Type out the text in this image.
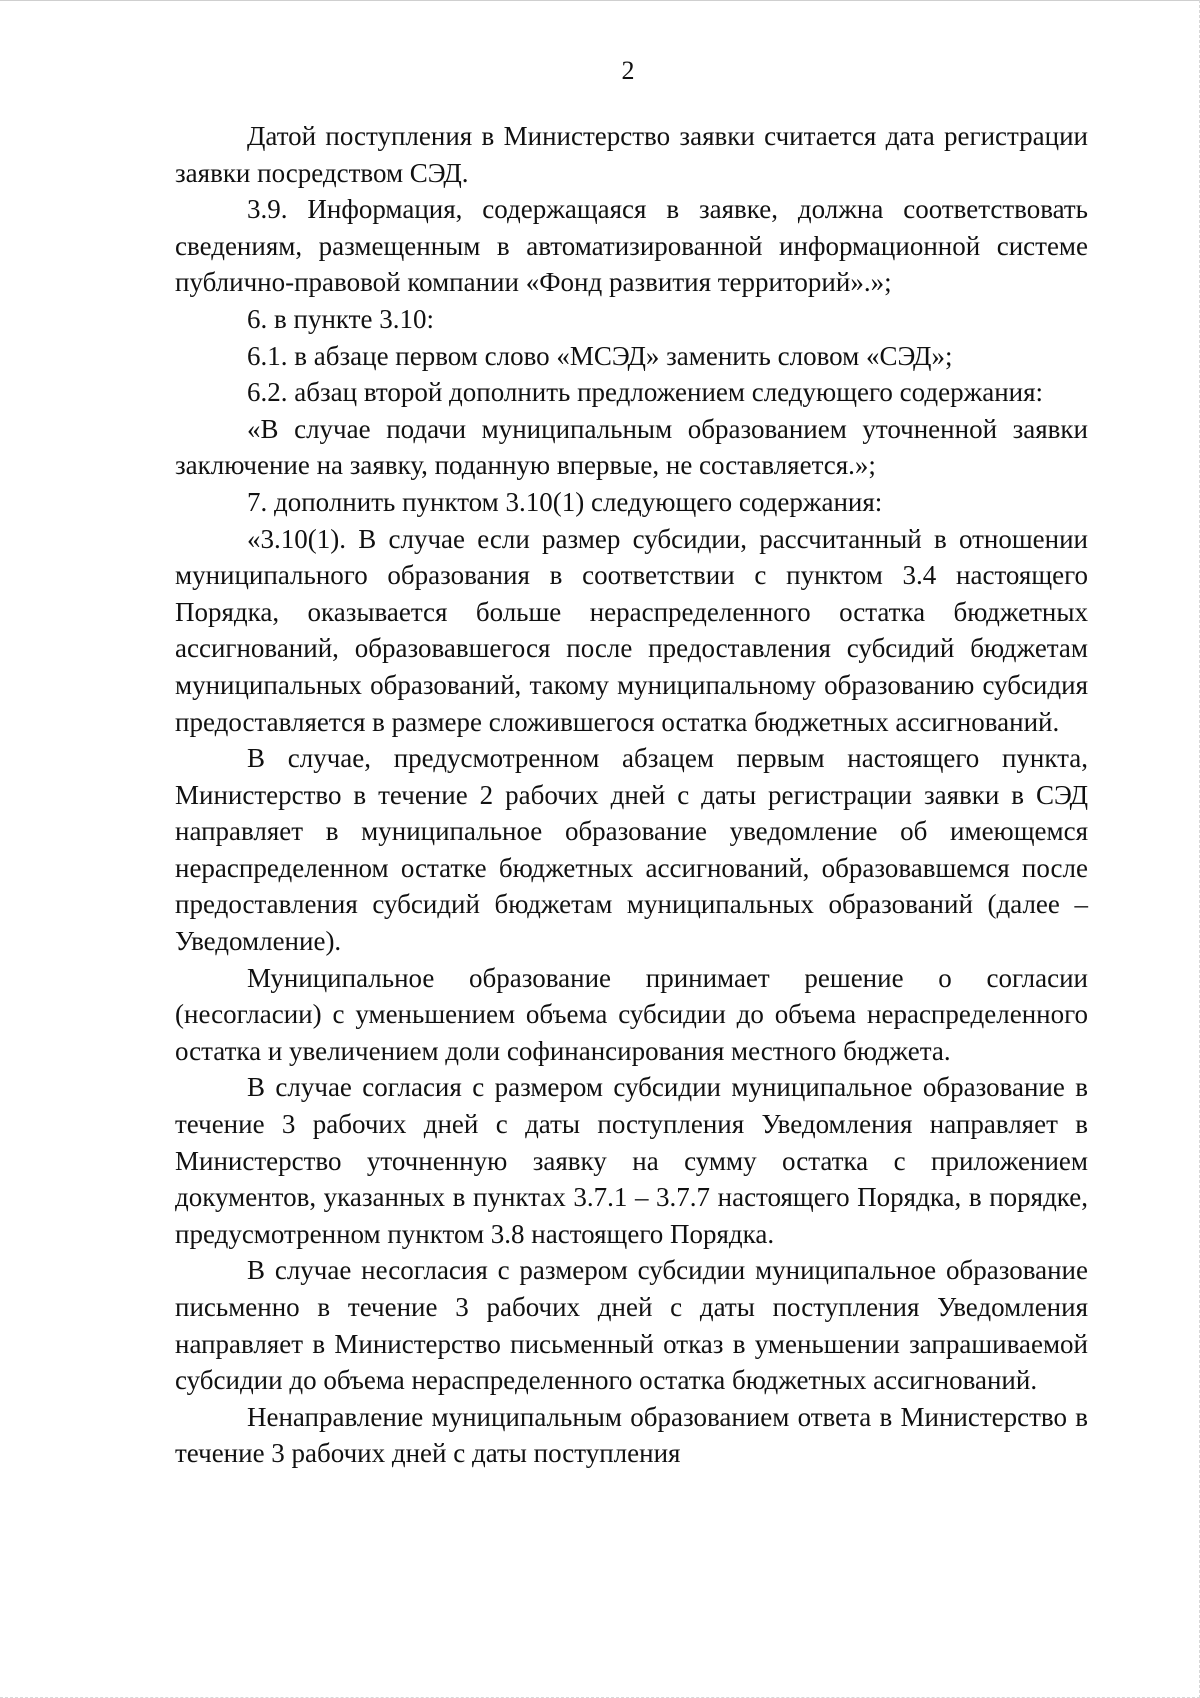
2

Датой поступления в Министерство заявки считается дата регистрации заявки посредством СЭД.

3.9. Информация, содержащаяся в заявке, должна соответствовать сведениям, размещенным в автоматизированной информационной системе публично-правовой компании «Фонд развития территорий».»;

6. в пункте 3.10:

6.1. в абзаце первом слово «МСЭД» заменить словом «СЭД»;

6.2. абзац второй дополнить предложением следующего содержания:

«В случае подачи муниципальным образованием уточненной заявки заключение на заявку, поданную впервые, не составляется.»;

7. дополнить пунктом 3.10(1) следующего содержания:

«3.10(1). В случае если размер субсидии, рассчитанный в отношении муниципального образования в соответствии с пунктом 3.4 настоящего Порядка, оказывается больше нераспределенного остатка бюджетных ассигнований, образовавшегося после предоставления субсидий бюджетам муниципальных образований, такому муниципальному образованию субсидия предоставляется в размере сложившегося остатка бюджетных ассигнований.

В случае, предусмотренном абзацем первым настоящего пункта, Министерство в течение 2 рабочих дней с даты регистрации заявки в СЭД направляет в муниципальное образование уведомление об имеющемся нераспределенном остатке бюджетных ассигнований, образовавшемся после предоставления субсидий бюджетам муниципальных образований (далее – Уведомление).

Муниципальное образование принимает решение о согласии (несогласии) с уменьшением объема субсидии до объема нераспределенного остатка и увеличением доли софинансирования местного бюджета.

В случае согласия с размером субсидии муниципальное образование в течение 3 рабочих дней с даты поступления Уведомления направляет в Министерство уточненную заявку на сумму остатка с приложением документов, указанных в пунктах 3.7.1 – 3.7.7 настоящего Порядка, в порядке, предусмотренном пунктом 3.8 настоящего Порядка.

В случае несогласия с размером субсидии муниципальное образование письменно в течение 3 рабочих дней с даты поступления Уведомления направляет в Министерство письменный отказ в уменьшении запрашиваемой субсидии до объема нераспределенного остатка бюджетных ассигнований.

Ненаправление муниципальным образованием ответа в Министерство в течение 3 рабочих дней с даты поступления
